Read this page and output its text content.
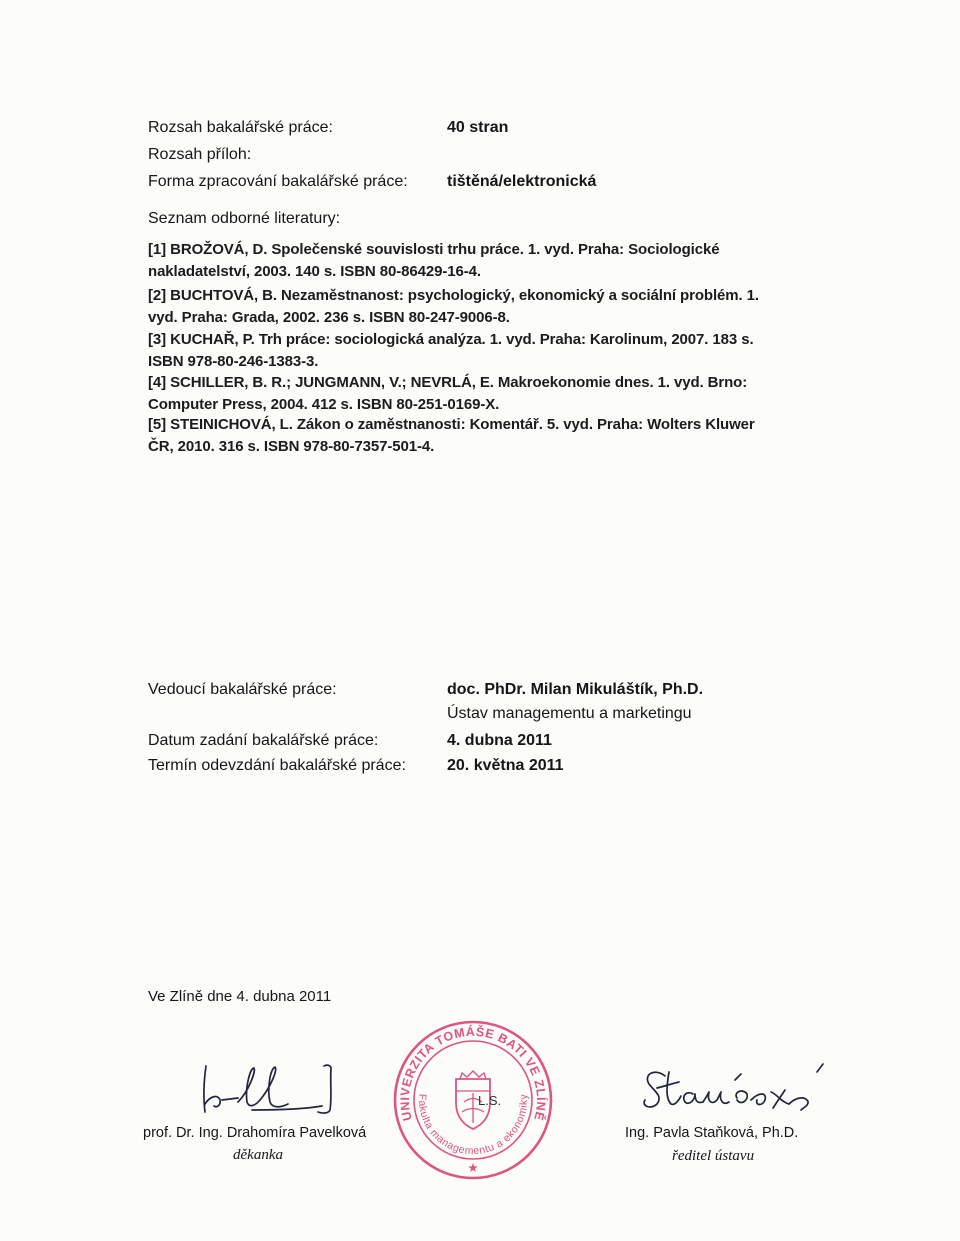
Rozsah bakalářské práce:	40 stran
Rozsah příloh:
Forma zpracování bakalářské práce: tištěná/elektronická
Seznam odborné literatury:
[1] BROŽOVÁ, D. Společenské souvislosti trhu práce. 1. vyd. Praha: Sociologické
nakladatelství, 2003. 140 s. ISBN 80-86429-16-4.
[2] BUCHTOVÁ, B. Nezaměstnanost: psychologický, ekonomický a sociální problém. 1.
vyd. Praha: Grada, 2002. 236 s. ISBN 80-247-9006-8.
[3] KUCHAŘ, P. Trh práce: sociologická analýza. 1. vyd. Praha: Karolinum, 2007. 183 s.
ISBN 978-80-246-1383-3.
[4] SCHILLER, B. R.; JUNGMANN, V.; NEVRLÁ, E. Makroekonomie dnes. 1. vyd. Brno:
Computer Press, 2004. 412 s. ISBN 80-251-0169-X.
[5] STEINICHOVÁ, L. Zákon o zaměstnanosti: Komentář. 5. vyd. Praha: Wolters Kluwer
ČR, 2010. 316 s. ISBN 978-80-7357-501-4.
Vedoucí bakalářské práce:	doc. PhDr. Milan Mikuláštík, Ph.D.
Ústav managementu a marketingu
Datum zadání bakalářské práce:	4. dubna 2011
Termín odevzdání bakalářské práce:	20. května 2011
Ve Zlíně dne 4. dubna 2011
prof. Dr. Ing. Drahomíra Pavelková
děkanka
UNIVERZITA TOMÁŠE BATI VE ZLÍNĚ
Fakulta managementu a ekonomiky
L.S.
Ing. Pavla Staňková, Ph.D.
ředitel ústavu
